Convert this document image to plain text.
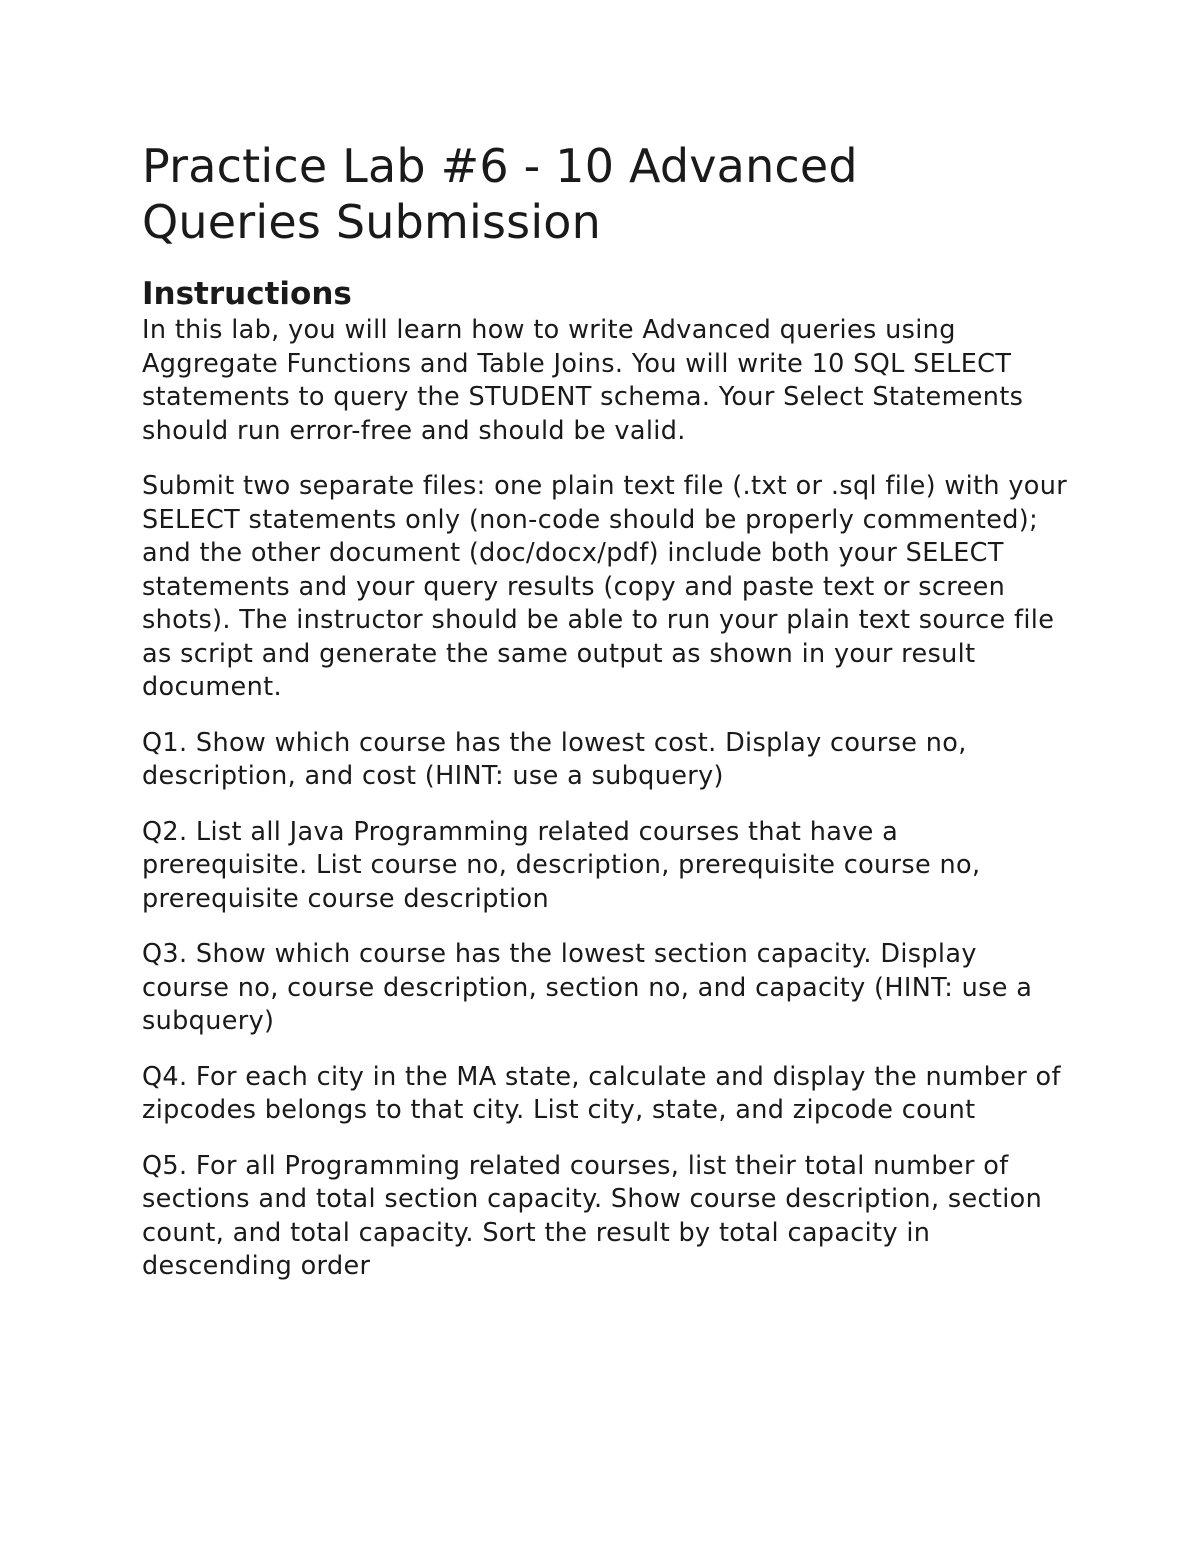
Practice Lab #6 - 10 Advanced
Queries Submission
Instructions

In this lab, you will learn how to write Advanced queries using Aggregate Functions and Table Joins. You will write 10 SQL SELECT statements to query the STUDENT schema. Your Select Statements should run error-free and should be valid.

Submit two separate files: one plain text file (.txt or .sql file) with your SELECT statements only (non-code should be properly commented); and the other document (doc/docx/pdf) include both your SELECT statements and your query results (copy and paste text or screen shots). The instructor should be able to run your plain text source file as script and generate the same output as shown in your result document.

Q1. Show which course has the lowest cost. Display course no, description, and cost (HINT: use a subquery)

Q2. List all Java Programming related courses that have a prerequisite. List course no, description, prerequisite course no, prerequisite course description

Q3. Show which course has the lowest section capacity. Display course no, course description, section no, and capacity (HINT: use a subquery)

Q4. For each city in the MA state, calculate and display the number of zipcodes belongs to that city. List city, state, and zipcode count

Q5. For all Programming related courses, list their total number of sections and total section capacity. Show course description, section count, and total capacity. Sort the result by total capacity in descending order
